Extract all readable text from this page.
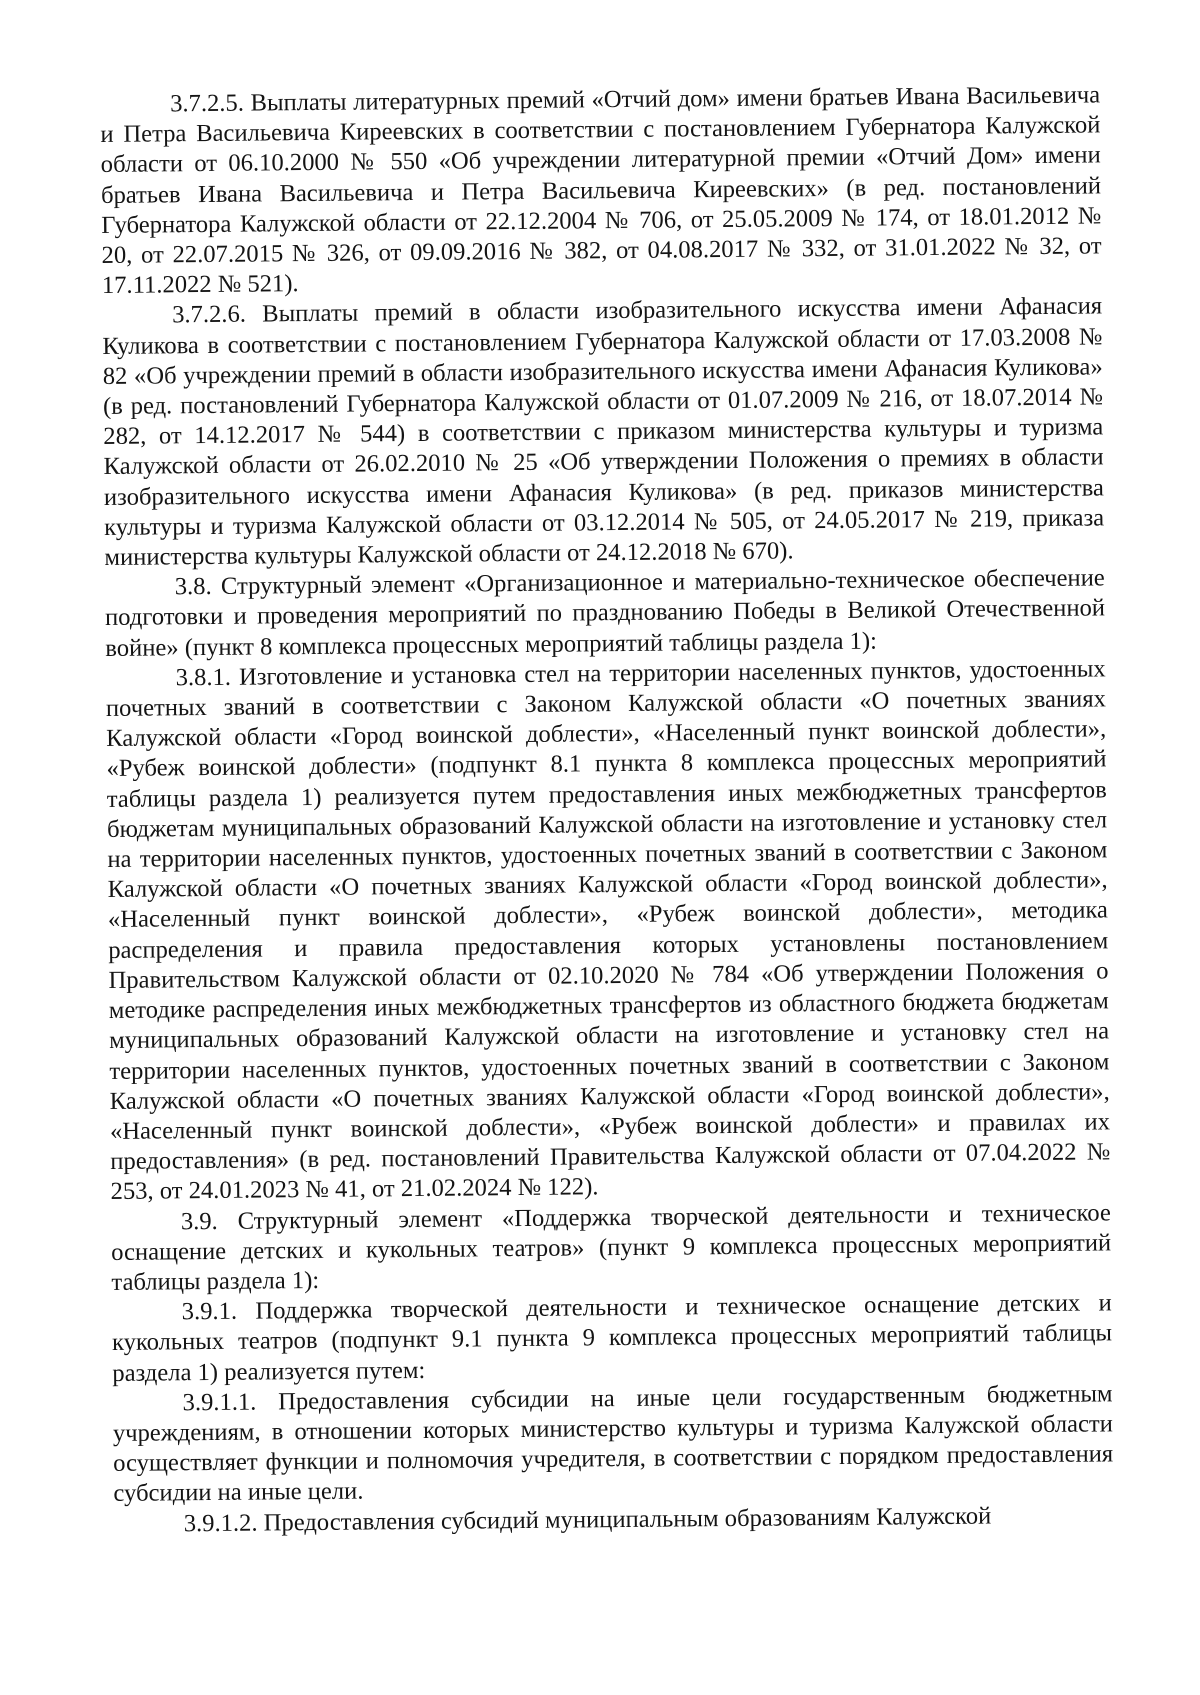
3.7.2.5. Выплаты литературных премий «Отчий дом» имени братьев Ивана Васильевича и Петра Васильевича Киреевских в соответствии с постановлением Губернатора Калужской области от 06.10.2000 № 550 «Об учреждении литературной премии «Отчий Дом» имени братьев Ивана Васильевича и Петра Васильевича Киреевских» (в ред. постановлений Губернатора Калужской области от 22.12.2004 № 706, от 25.05.2009 № 174, от 18.01.2012 № 20, от 22.07.2015 № 326, от 09.09.2016 № 382, от 04.08.2017 № 332, от 31.01.2022 № 32, от 17.11.2022 № 521).

3.7.2.6. Выплаты премий в области изобразительного искусства имени Афанасия Куликова в соответствии с постановлением Губернатора Калужской области от 17.03.2008 № 82 «Об учреждении премий в области изобразительного искусства имени Афанасия Куликова» (в ред. постановлений Губернатора Калужской области от 01.07.2009 № 216, от 18.07.2014 № 282, от 14.12.2017 № 544) в соответствии с приказом министерства культуры и туризма Калужской области от 26.02.2010 № 25 «Об утверждении Положения о премиях в области изобразительного искусства имени Афанасия Куликова» (в ред. приказов министерства культуры и туризма Калужской области от 03.12.2014 № 505, от 24.05.2017 № 219, приказа министерства культуры Калужской области от 24.12.2018 № 670).

3.8. Структурный элемент «Организационное и материально-техническое обеспечение подготовки и проведения мероприятий по празднованию Победы в Великой Отечественной войне» (пункт 8 комплекса процессных мероприятий таблицы раздела 1):

3.8.1. Изготовление и установка стел на территории населенных пунктов, удостоенных почетных званий в соответствии с Законом Калужской области «О почетных званиях Калужской области «Город воинской доблести», «Населенный пункт воинской доблести», «Рубеж воинской доблести» (подпункт 8.1 пункта 8 комплекса процессных мероприятий таблицы раздела 1) реализуется путем предоставления иных межбюджетных трансфертов бюджетам муниципальных образований Калужской области на изготовление и установку стел на территории населенных пунктов, удостоенных почетных званий в соответствии с Законом Калужской области «О почетных званиях Калужской области «Город воинской доблести», «Населенный пункт воинской доблести», «Рубеж воинской доблести», методика распределения и правила предоставления которых установлены постановлением Правительством Калужской области от 02.10.2020 № 784 «Об утверждении Положения о методике распределения иных межбюджетных трансфертов из областного бюджета бюджетам муниципальных образований Калужской области на изготовление и установку стел на территории населенных пунктов, удостоенных почетных званий в соответствии с Законом Калужской области «О почетных званиях Калужской области «Город воинской доблести», «Населенный пункт воинской доблести», «Рубеж воинской доблести» и правилах их предоставления» (в ред. постановлений Правительства Калужской области от 07.04.2022 № 253, от 24.01.2023 № 41, от 21.02.2024 № 122).

3.9. Структурный элемент «Поддержка творческой деятельности и техническое оснащение детских и кукольных театров» (пункт 9 комплекса процессных мероприятий таблицы раздела 1):

3.9.1. Поддержка творческой деятельности и техническое оснащение детских и кукольных театров (подпункт 9.1 пункта 9 комплекса процессных мероприятий таблицы раздела 1) реализуется путем:

3.9.1.1. Предоставления субсидии на иные цели государственным бюджетным учреждениям, в отношении которых министерство культуры и туризма Калужской области осуществляет функции и полномочия учредителя, в соответствии с порядком предоставления субсидии на иные цели.

3.9.1.2. Предоставления субсидий муниципальным образованиям Калужской
